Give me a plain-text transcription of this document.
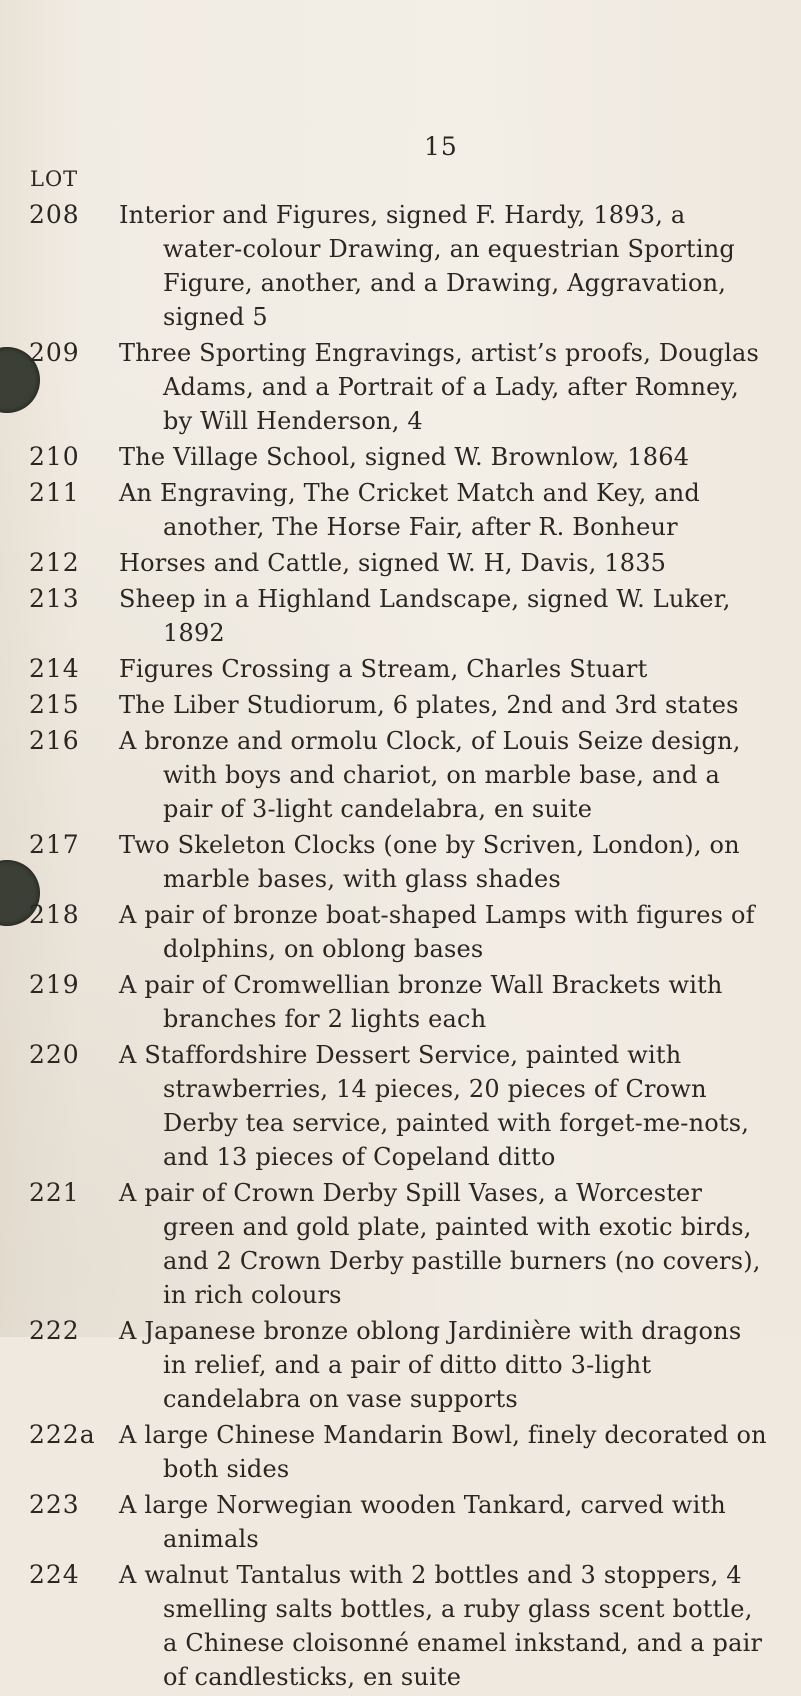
15
LOT
208	Interior and Figures, signed F. Hardy, 1893, a water-colour Drawing, an equestrian Sporting Figure, another, and a Drawing, Aggravation, signed 5
209	Three Sporting Engravings, artist’s proofs, Douglas Adams, and a Portrait of a Lady, after Romney, by Will Henderson, 4
210	The Village School, signed W. Brownlow, 1864
211	An Engraving, The Cricket Match and Key, and another, The Horse Fair, after R. Bonheur
212	Horses and Cattle, signed W. H, Davis, 1835
213	Sheep in a Highland Landscape, signed W. Luker, 1892
214	Figures Crossing a Stream, Charles Stuart
215	The Liber Studiorum, 6 plates, 2nd and 3rd states
216	A bronze and ormolu Clock, of Louis Seize design, with boys and chariot, on marble base, and a pair of 3-light candelabra, en suite
217	Two Skeleton Clocks (one by Scriven, London), on marble bases, with glass shades
218	A pair of bronze boat-shaped Lamps with figures of dolphins, on oblong bases
219	A pair of Cromwellian bronze Wall Brackets with branches for 2 lights each
220	A Staffordshire Dessert Service, painted with strawberries, 14 pieces, 20 pieces of Crown Derby tea service, painted with forget-me-nots, and 13 pieces of Copeland ditto
221	A pair of Crown Derby Spill Vases, a Worcester green and gold plate, painted with exotic birds, and 2 Crown Derby pastille burners (no covers), in rich colours
222	A Japanese bronze oblong Jardinière with dragons in relief, and a pair of ditto ditto 3-light candelabra on vase supports
222a A large Chinese Mandarin Bowl, finely decorated on both sides
223	A large Norwegian wooden Tankard, carved with animals
224	A walnut Tantalus with 2 bottles and 3 stoppers, 4 smelling salts bottles, a ruby glass scent bottle, a Chinese cloisonné enamel inkstand, and a pair of candlesticks, en suite
